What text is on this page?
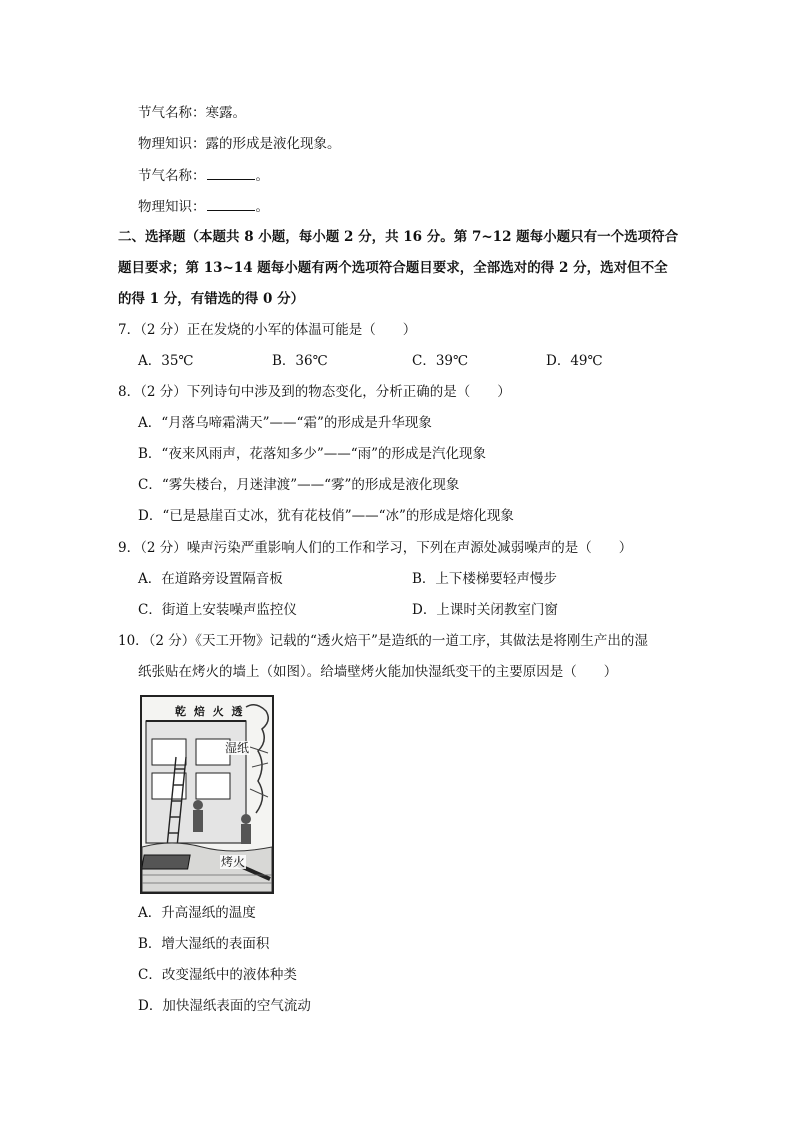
节气名称：寒露。
物理知识：露的形成是液化现象。
节气名称：	。
物理知识：	。
二、选择题（本题共 8 小题，每小题 2 分，共 16 分。第 7~12 题每小题只有一个选项符合
题目要求；第 13~14 题每小题有两个选项符合题目要求，全部选对的得 2 分，选对但不全
的得 1 分，有错选的得 0 分）
7．（2 分）正在发烧的小军的体温可能是（　　）
A．35℃	B．36℃	C．39℃	D．49℃
8．（2 分）下列诗句中涉及到的物态变化，分析正确的是（　　）
A．“月落乌啼霜满天”——“霜”的形成是升华现象
B．“夜来风雨声，花落知多少”——“雨”的形成是汽化现象
C．“雾失楼台，月迷津渡”——“雾”的形成是液化现象
D．“已是悬崖百丈冰，犹有花枝俏”——“冰”的形成是熔化现象
9．（2 分）噪声污染严重影响人们的工作和学习，下列在声源处减弱噪声的是（　　）
A．在道路旁设置隔音板	B．上下楼梯要轻声慢步
C．街道上安装噪声监控仪	D．上课时关闭教室门窗
10．（2 分）《天工开物》记载的“透火焙干”是造纸的一道工序，其做法是将刚生产出的湿
纸张贴在烤火的墙上（如图）。给墙壁烤火能加快湿纸变干的主要原因是（　　）
乾 焙 火 透
湿纸
烤火
A．升高湿纸的温度
B．增大湿纸的表面积
C．改变湿纸中的液体种类
D．加快湿纸表面的空气流动
